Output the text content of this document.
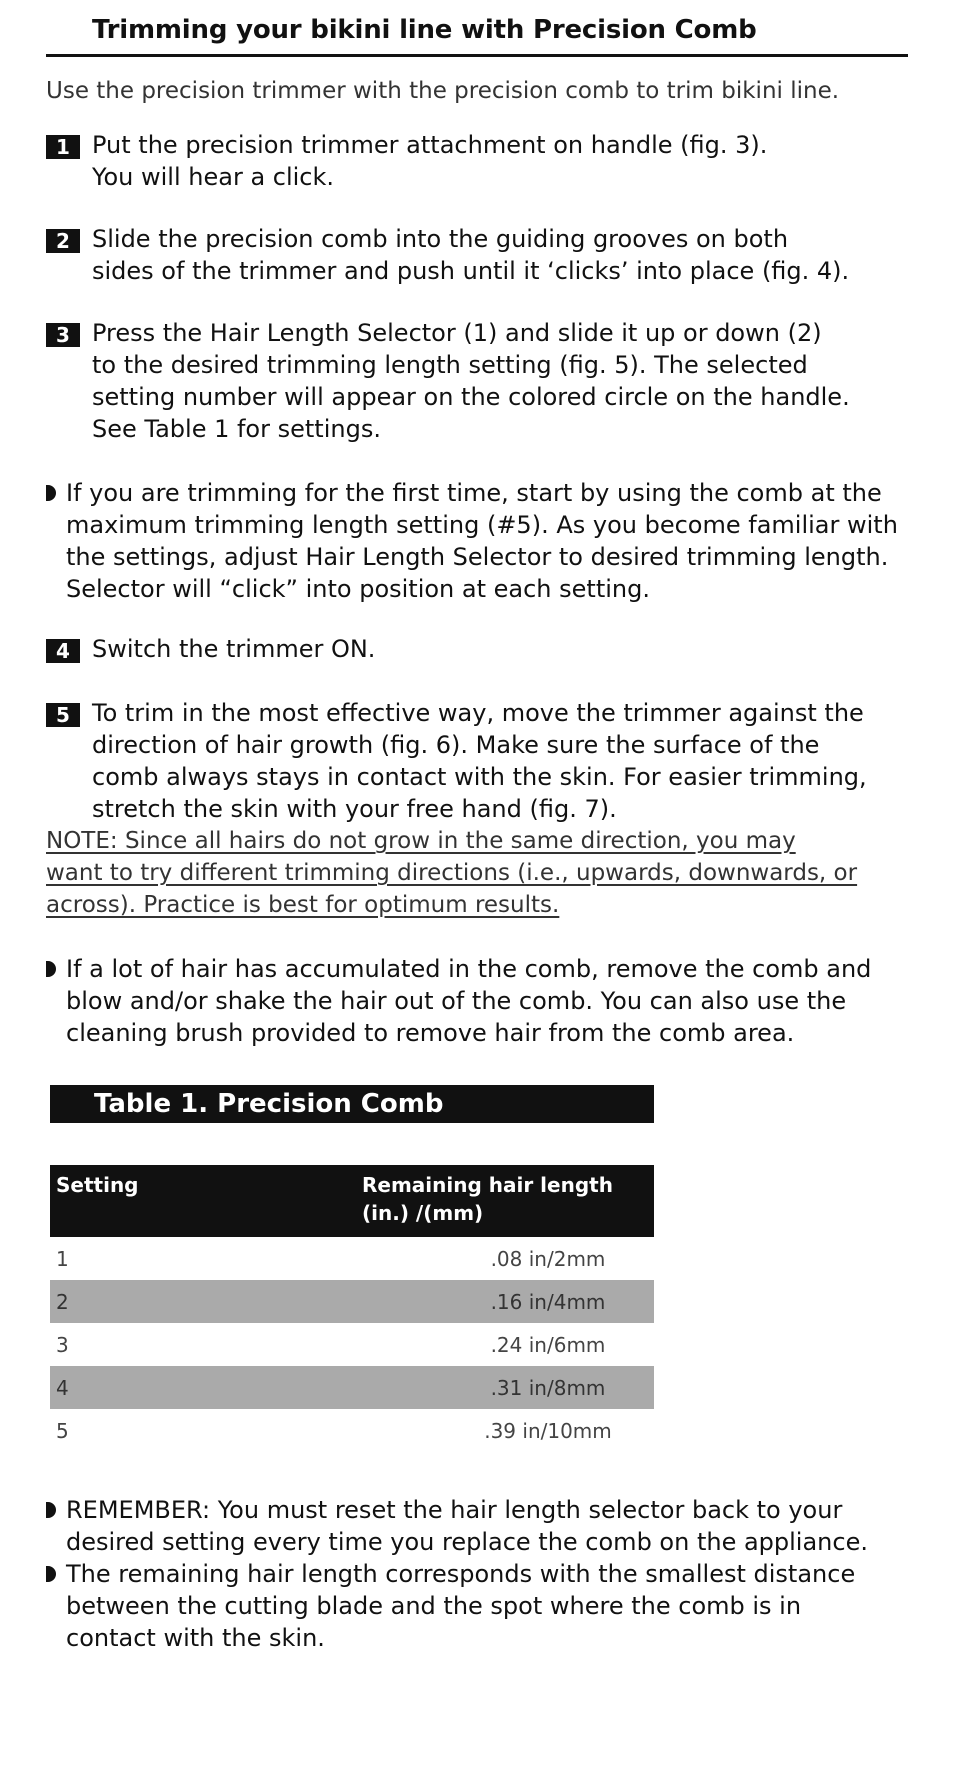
Trimming your bikini line with Precision Comb
Use the precision trimmer with the precision comb to trim bikini line.
1 Put the precision trimmer attachment on handle (fig. 3).
You will hear a click.
2 Slide the precision comb into the guiding grooves on both
sides of the trimmer and push until it ‘clicks’ into place (fig. 4).
3 Press the Hair Length Selector (1) and slide it up or down (2)
to the desired trimming length setting (fig. 5). The selected
setting number will appear on the colored circle on the handle.
See Table 1 for settings.
If you are trimming for the first time, start by using the comb at the
maximum trimming length setting (#5). As you become familiar with
the settings, adjust Hair Length Selector to desired trimming length.
Selector will “click” into position at each setting.
4 Switch the trimmer ON.
5 To trim in the most effective way, move the trimmer against the
direction of hair growth (fig. 6). Make sure the surface of the
comb always stays in contact with the skin. For easier trimming,
stretch the skin with your free hand (fig. 7).
NOTE: Since all hairs do not grow in the same direction, you may
want to try different trimming directions (i.e., upwards, downwards, or
across). Practice is best for optimum results.
If a lot of hair has accumulated in the comb, remove the comb and
blow and/or shake the hair out of the comb. You can also use the
cleaning brush provided to remove hair from the comb area.
Table 1. Precision Comb
Setting	Remaining hair length
(in.) /(mm)

1	.08 in/2mm
2	.16 in/4mm
3	.24 in/6mm
4	.31 in/8mm
5	.39 in/10mm
REMEMBER: You must reset the hair length selector back to your
desired setting every time you replace the comb on the appliance.
The remaining hair length corresponds with the smallest distance
between the cutting blade and the spot where the comb is in
contact with the skin.
